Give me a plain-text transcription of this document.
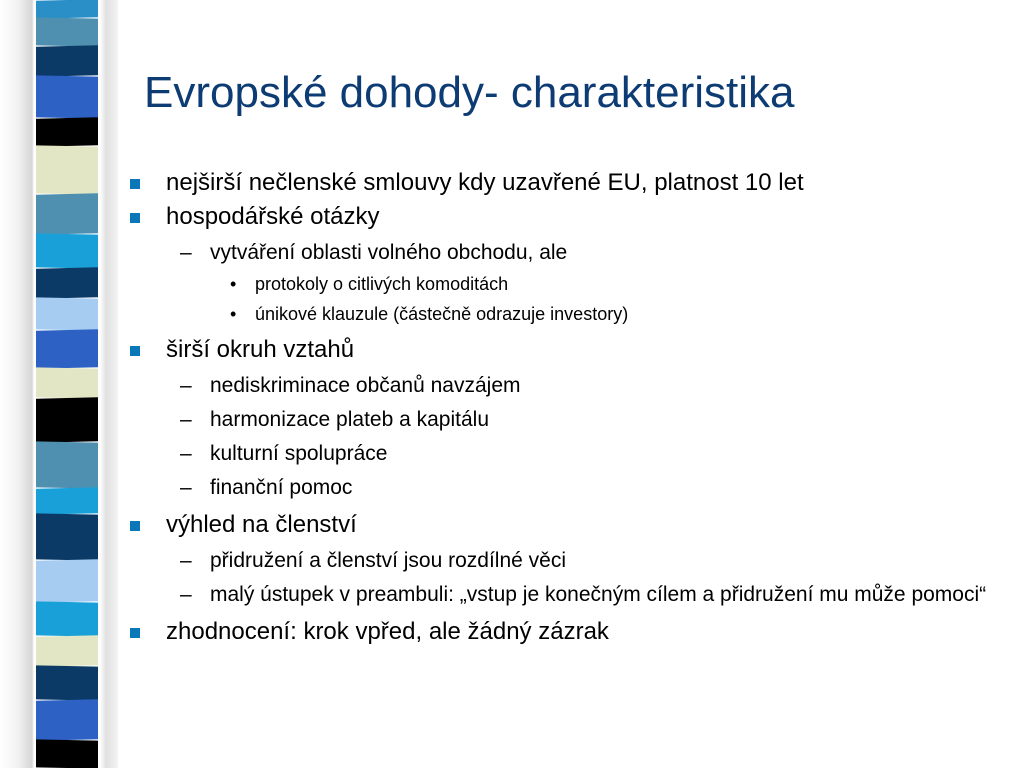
Evropské dohody- charakteristika
nejširší nečlenské smlouvy kdy uzavřené EU, platnost 10 let
hospodářské otázky
– vytváření oblasti volného obchodu, ale
• protokoly o citlivých komoditách
• únikové klauzule (částečně odrazuje investory)
širší okruh vztahů
– nediskriminace občanů navzájem
– harmonizace plateb a kapitálu
– kulturní spolupráce
– finanční pomoc
výhled na členství
– přidružení a členství jsou rozdílné věci
– malý ústupek v preambuli: „vstup je konečným cílem a přidružení mu může pomoci“
zhodnocení: krok vpřed, ale žádný zázrak
